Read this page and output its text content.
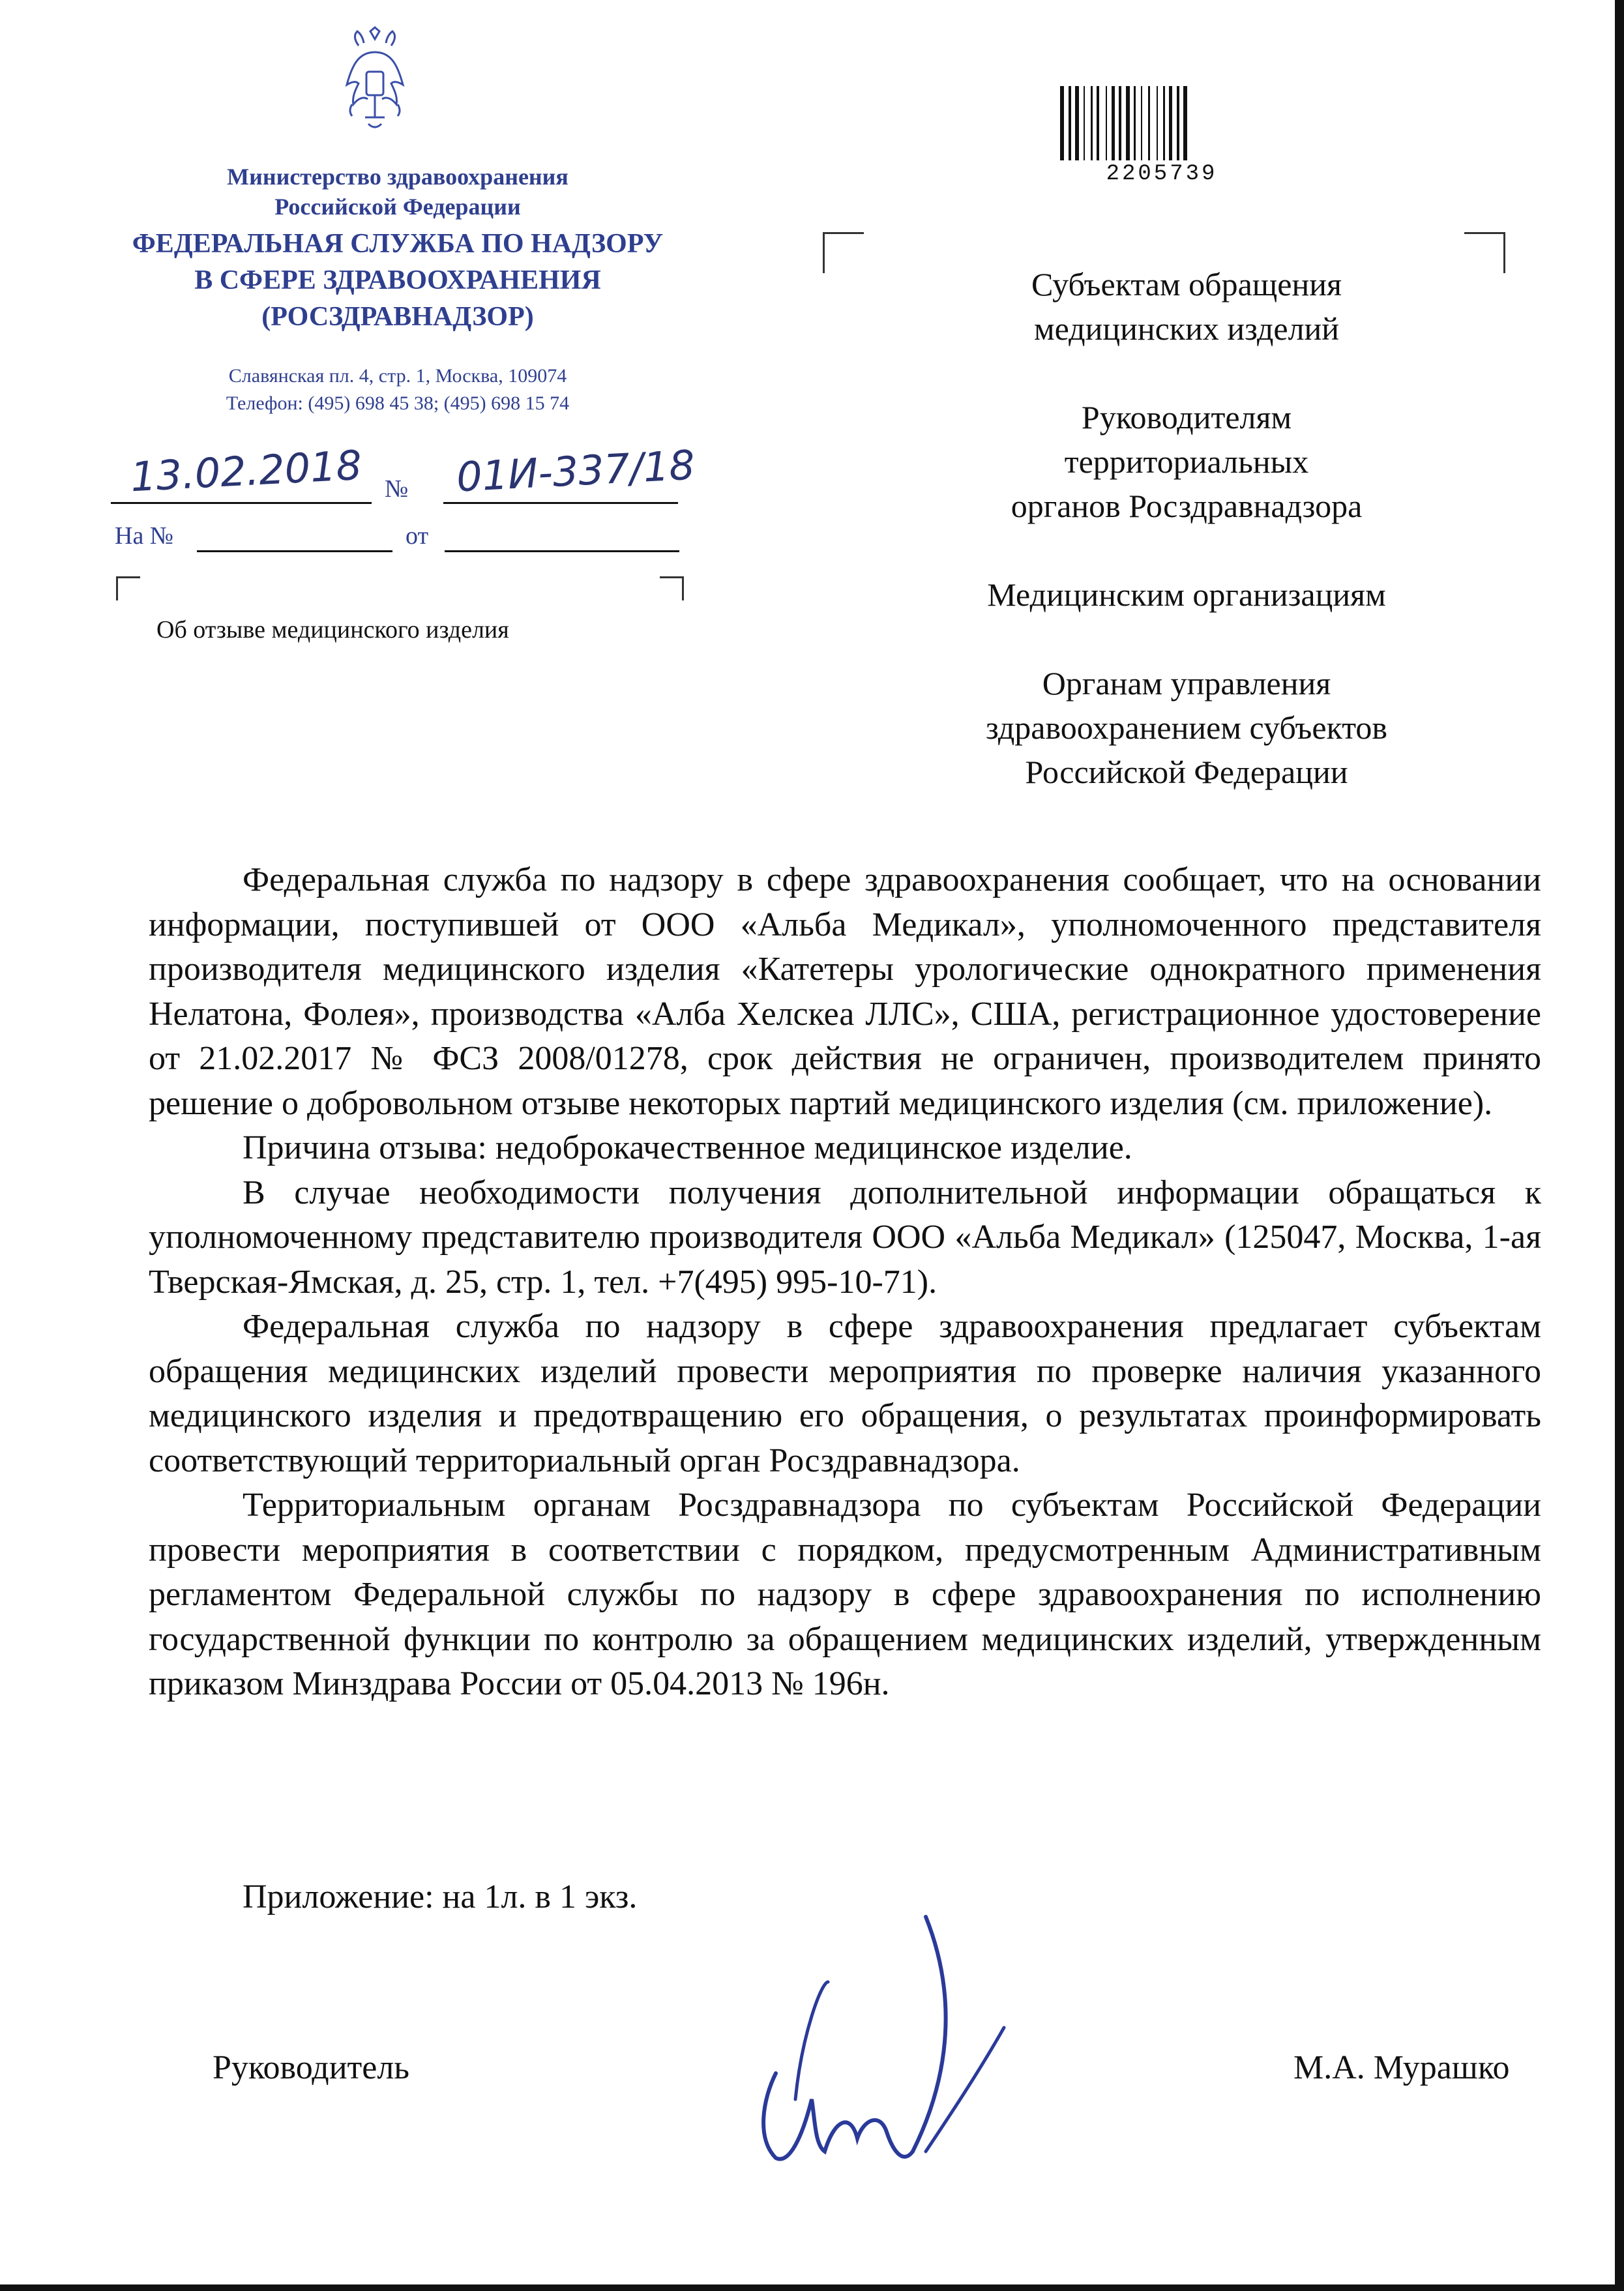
Министерство здравоохранения
Российской Федерации
ФЕДЕРАЛЬНАЯ СЛУЖБА ПО НАДЗОРУ
В СФЕРЕ ЗДРАВООХРАНЕНИЯ
(РОСЗДРАВНАДЗОР)
Славянская пл. 4, стр. 1, Москва, 109074
Телефон: (495) 698 45 38; (495) 698 15 74
13.02.2018 № 01И-337/18
На №	от
Об отзыве медицинского изделия
2205739
Субъектам обращения
медицинских изделий
Руководителям
территориальных
органов Росздравнадзора
Медицинским организациям
Органам управления
здравоохранением субъектов
Российской Федерации

Федеральная служба по надзору в сфере здравоохранения сообщает, что на основании информации, поступившей от ООО «Альба Медикал», уполномоченного представителя производителя медицинского изделия «Катетеры урологические однократного применения Нелатона, Фолея», производства «Алба Хелскеа ЛЛС», США, регистрационное удостоверение от 21.02.2017 № ФСЗ 2008/01278, срок действия не ограничен, производителем принято решение о добровольном отзыве некоторых партий медицинского изделия (см. приложение).

Причина отзыва: недоброкачественное медицинское изделие.

В случае необходимости получения дополнительной информации обращаться к уполномоченному представителю производителя ООО «Альба Медикал» (125047, Москва, 1-ая Тверская-Ямская, д. 25, стр. 1, тел. +7(495) 995-10-71).

Федеральная служба по надзору в сфере здравоохранения предлагает субъектам обращения медицинских изделий провести мероприятия по проверке наличия указанного медицинского изделия и предотвращению его обращения, о результатах проинформировать соответствующий территориальный орган Росздравнадзора.

Территориальным органам Росздравнадзора по субъектам Российской Федерации провести мероприятия в соответствии с порядком, предусмотренным Административным регламентом Федеральной службы по надзору в сфере здравоохранения по исполнению государственной функции по контролю за обращением медицинских изделий, утвержденным приказом Минздрава России от 05.04.2013 № 196н.

Приложение: на 1л. в 1 экз.
Руководитель	М.А. Мурашко
